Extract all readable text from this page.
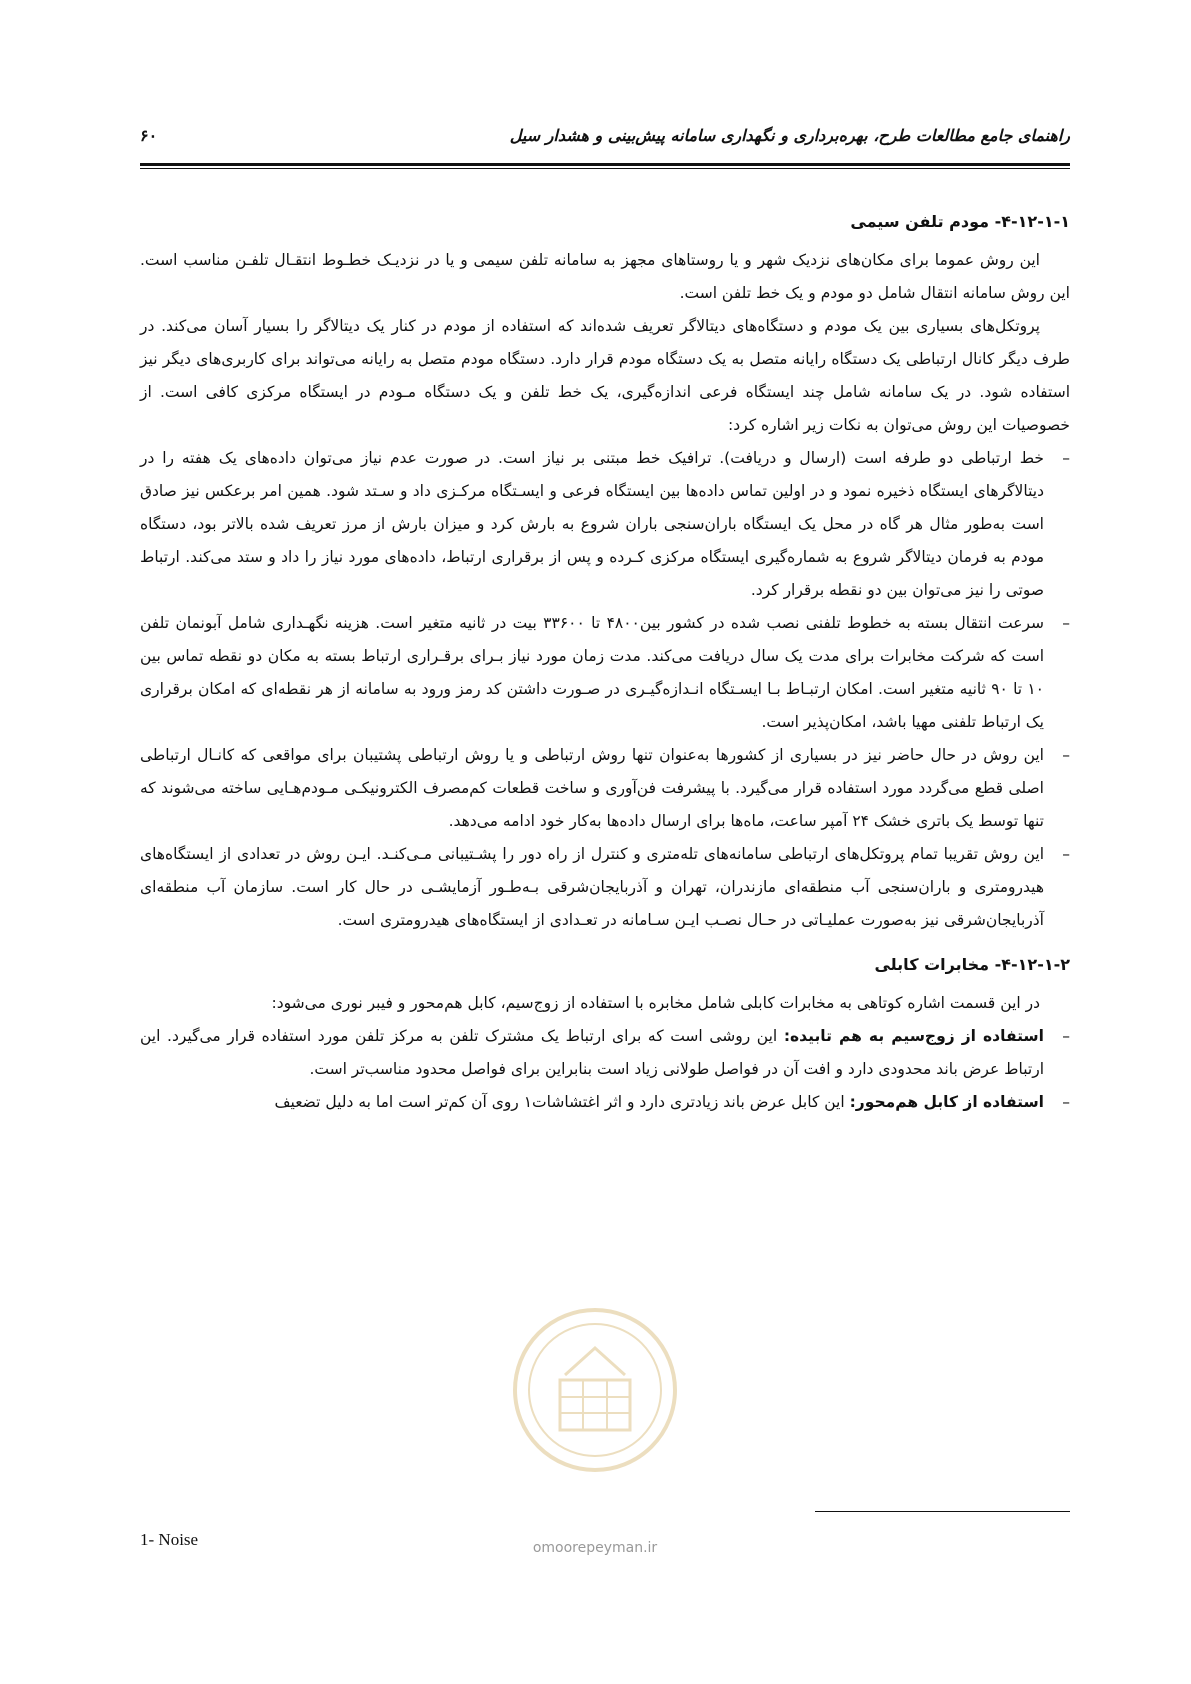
۶۰	راهنمای جامع مطالعات طرح، بهره‌برداری و نگهداری سامانه پیش‌بینی و هشدار سیل
۴-۱۲-۱-۱- مودم تلفن سیمی

این روش عموما برای مکان‌های نزدیک شهر و یا روستاهای مجهز به سامانه تلفن سیمی و یا در نزدیـک خطـوط انتقـال تلفـن مناسب است. این روش سامانه انتقال شامل دو مودم و یک خط تلفن است.

پروتکل‌های بسیاری بین یک مودم و دستگاه‌های دیتالاگر تعریف شده‌اند که استفاده از مودم در کنار یک دیتالاگر را بسیار آسان می‌کند. در طرف دیگر کانال ارتباطی یک دستگاه رایانه متصل به یک دستگاه مودم قرار دارد. دستگاه مودم متصل به رایانه می‌تواند برای کاربری‌های دیگر نیز استفاده شود. در یک سامانه شامل چند ایستگاه فرعی اندازه‌گیری، یک خط تلفن و یک دستگاه مـودم در ایستگاه مرکزی کافی است. از خصوصیات این روش می‌توان به نکات زیر اشاره کرد:

–
خط ارتباطی دو طرفه است (ارسال و دریافت). ترافیک خط مبتنی بر نیاز است. در صورت عدم نیاز می‌توان داده‌های یک هفته را در دیتالاگرهای ایستگاه ذخیره نمود و در اولین تماس داده‌ها بین ایستگاه فرعی و ایسـتگاه مرکـزی داد و سـتد شود. همین امر برعکس نیز صادق است به‌طور مثال هر گاه در محل یک ایستگاه باران‌سنجی باران شروع به بارش کرد و میزان بارش از مرز تعریف شده بالاتر بود، دستگاه مودم به فرمان دیتالاگر شروع به شماره‌گیری ایستگاه مرکزی کـرده و پس از برقراری ارتباط، داده‌های مورد نیاز را داد و ستد می‌کند. ارتباط صوتی را نیز می‌توان بین دو نقطه برقرار کرد.
–
سرعت انتقال بسته به خطوط تلفنی نصب شده در کشور بین۴۸۰۰ تا ۳۳۶۰۰ بیت در ثانیه متغیر است. هزینه نگهـداری شامل آبونمان تلفن است که شرکت مخابرات برای مدت یک سال دریافت می‌کند. مدت زمان مورد نیاز بـرای برقـراری ارتباط بسته به مکان دو نقطه تماس بین ۱۰ تا ۹۰ ثانیه متغیر است. امکان ارتبـاط بـا ایسـتگاه انـدازه‌گیـری در صـورت داشتن کد رمز ورود به سامانه از هر نقطه‌ای که امکان برقراری یک ارتباط تلفنی مهیا باشد، امکان‌پذیر است.
–
این روش در حال حاضر نیز در بسیاری از کشورها به‌عنوان تنها روش ارتباطی و یا روش ارتباطی پشتیبان برای مواقعی که کانـال ارتباطی اصلی قطع می‌گردد مورد استفاده قرار می‌گیرد. با پیشرفت فن‌آوری و ساخت قطعات کم‌مصرف الکترونیکـی مـودم‌هـایی ساخته می‌شوند که تنها توسط یک باتری خشک ۲۴ آمپر ساعت، ماه‌ها برای ارسال داده‌ها به‌کار خود ادامه می‌دهد.
–
این روش تقریبا تمام پروتکل‌های ارتباطی سامانه‌های تله‌متری و کنترل از راه دور را پشـتیبانی مـی‌کنـد. ایـن روش در تعدادی از ایستگاه‌های هیدرومتری و باران‌سنجی آب منطقه‌ای مازندران، تهران و آذربایجان‌شرقی بـه‌طـور آزمایشـی در حال کار است. سازمان آب منطقه‌ای آذربایجان‌شرقی نیز به‌صورت عملیـاتی در حـال نصـب ایـن سـامانه در تعـدادی از ایستگاه‌های هیدرومتری است.
۴-۱۲-۱-۲- مخابرات کابلی

در این قسمت اشاره کوتاهی به مخابرات کابلی شامل مخابره با استفاده از زوج‌سیم، کابل هم‌محور و فیبر نوری می‌شود:

–
استفاده از زوج‌سیم به هم تابیده: این روشی است که برای ارتباط یک مشترک تلفن به مرکز تلفن مورد استفاده قرار می‌گیرد. این ارتباط عرض باند محدودی دارد و افت آن در فواصل طولانی زیاد است بنابراین برای فواصل محدود مناسب‌تر است.
–
استفاده از کابل هم‌محور: این کابل عرض باند زیادتری دارد و اثر اغتشاشات۱ روی آن کم‌تر است اما به دلیل تضعیف
omoorepeyman.ir
1- Noise
